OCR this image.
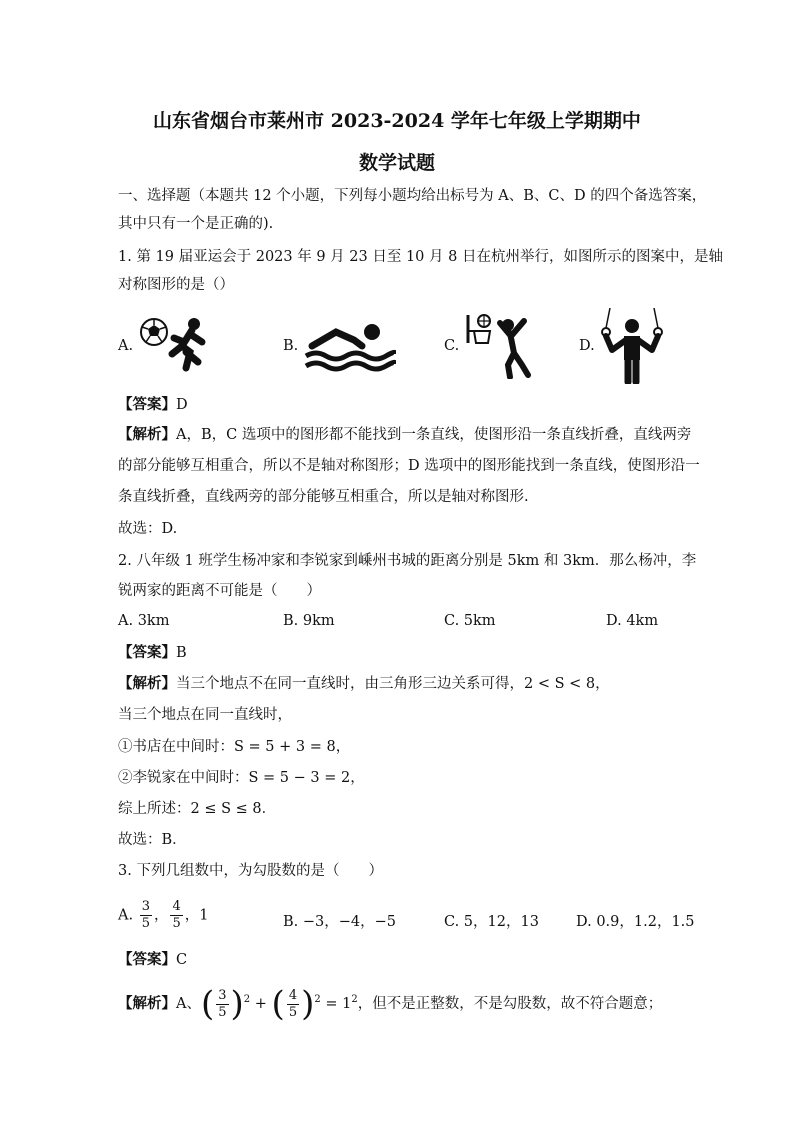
山东省烟台市莱州市 2023-2024 学年七年级上学期期中
数学试题
一、选择题（本题共 12 个小题，下列每小题均给出标号为 A、B、C、D 的四个备选答案，
其中只有一个是正确的).
1. 第 19 届亚运会于 2023 年 9 月 23 日至 10 月 8 日在杭州举行，如图所示的图案中，是轴
对称图形的是（）
A.	B.	C.	D.
【答案】D
【解析】A，B，C 选项中的图形都不能找到一条直线，使图形沿一条直线折叠，直线两旁
的部分能够互相重合，所以不是轴对称图形；D 选项中的图形能找到一条直线，使图形沿一
条直线折叠，直线两旁的部分能够互相重合，所以是轴对称图形.
故选：D.
2. 八年级 1 班学生杨冲家和李锐家到嵊州书城的距离分别是 5km 和 3km．那么杨冲，李
锐两家的距离不可能是（　　）
A. 3km	B. 9km	C. 5km	D. 4km
【答案】B
【解析】当三个地点不在同一直线时，由三角形三边关系可得，2 < S < 8，
当三个地点在同一直线时，
①书店在中间时：S = 5 + 3 = 8，
②李锐家在中间时：S = 5 − 3 = 2，
综上所述：2 ≤ S ≤ 8．
故选：B．
3. 下列几组数中，为勾股数的是（　　）
A. $\frac{3}{5}$ ， $\frac{4}{5}$ ，1	B. −3，−4，−5	C. 5，12，13	D. 0.9，1.2，1.5
【答案】C
【解析】A、( $\frac{3}{5} )^2$ + ( $\frac{4}{5} )^2 = 1^2$，但不是正整数，不是勾股数，故不符合题意；
